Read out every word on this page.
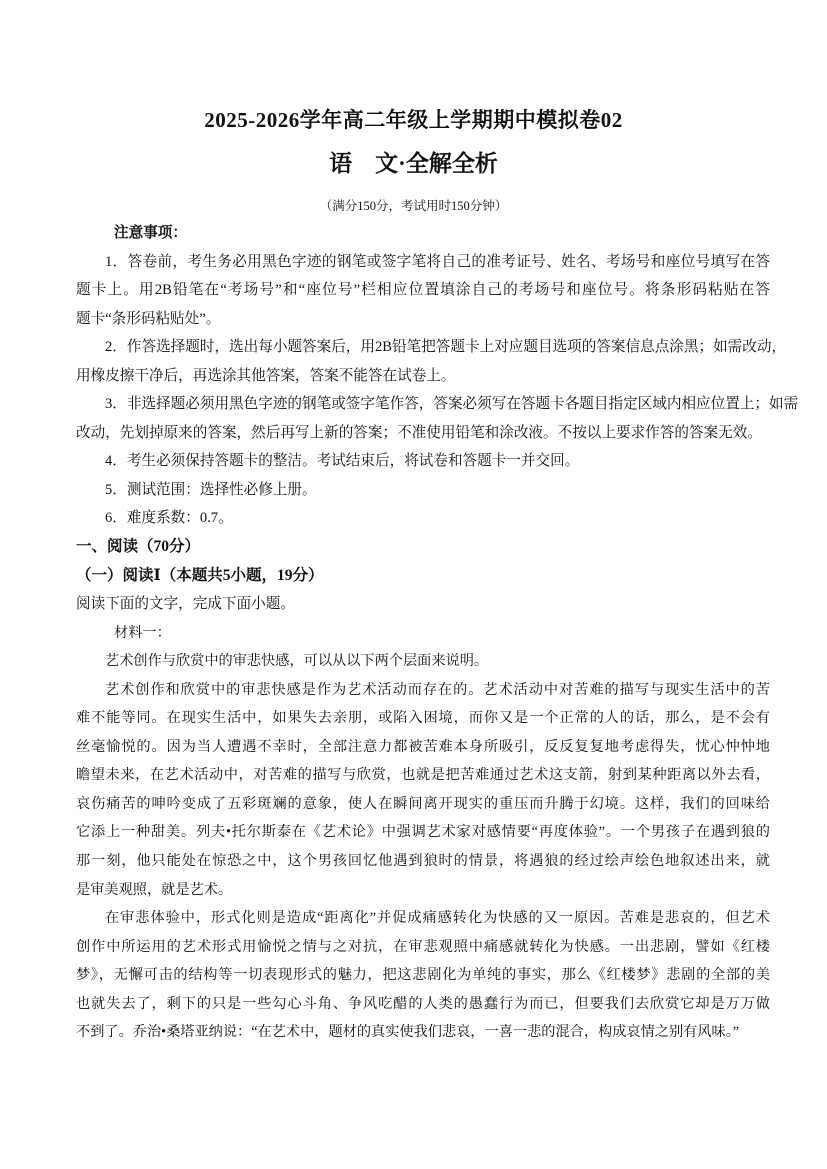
2025-2026学年高二年级上学期期中模拟卷02
语　文·全解全析
（满分150分，考试用时150分钟）
注意事项：
1．答卷前，考生务必用黑色字迹的钢笔或签字笔将自己的准考证号、姓名、考场号和座位号填写在答
题卡上。用2B铅笔在“考场号”和“座位号”栏相应位置填涂自己的考场号和座位号。将条形码粘贴在答
题卡“条形码粘贴处”。
2．作答选择题时，选出每小题答案后，用2B铅笔把答题卡上对应题目选项的答案信息点涂黑；如需改动，
用橡皮擦干净后，再选涂其他答案，答案不能答在试卷上。
3．非选择题必须用黑色字迹的钢笔或签字笔作答，答案必须写在答题卡各题目指定区域内相应位置上；如需
改动，先划掉原来的答案，然后再写上新的答案；不准使用铅笔和涂改液。不按以上要求作答的答案无效。
4．考生必须保持答题卡的整洁。考试结束后，将试卷和答题卡一并交回。
5．测试范围：选择性必修上册。
6．难度系数：0.7。
一、阅读（70分）
（一）阅读Ⅰ（本题共5小题，19分）
阅读下面的文字，完成下面小题。
材料一：
艺术创作与欣赏中的审悲快感，可以从以下两个层面来说明。
艺术创作和欣赏中的审悲快感是作为艺术活动而存在的。艺术活动中对苦难的描写与现实生活中的苦
难不能等同。在现实生活中，如果失去亲朋，或陷入困境，而你又是一个正常的人的话，那么，是不会有
丝毫愉悦的。因为当人遭遇不幸时，全部注意力都被苦难本身所吸引，反反复复地考虑得失，忧心忡忡地
瞻望未来，在艺术活动中，对苦难的描写与欣赏，也就是把苦难通过艺术这支箭，射到某种距离以外去看，
哀伤痛苦的呻吟变成了五彩斑斓的意象，使人在瞬间离开现实的重压而升腾于幻境。这样，我们的回味给
它添上一种甜美。列夫•托尔斯泰在《艺术论》中强调艺术家对感情要“再度体验”。一个男孩子在遇到狼的
那一刻，他只能处在惊恐之中，这个男孩回忆他遇到狼时的情景，将遇狼的经过绘声绘色地叙述出来，就
是审美观照，就是艺术。
在审悲体验中，形式化则是造成“距离化”并促成痛感转化为快感的又一原因。苦难是悲哀的，但艺术
创作中所运用的艺术形式用愉悦之情与之对抗，在审悲观照中痛感就转化为快感。一出悲剧，譬如《红楼
梦》，无懈可击的结构等一切表现形式的魅力，把这悲剧化为单纯的事实，那么《红楼梦》悲剧的全部的美
也就失去了，剩下的只是一些勾心斗角、争风吃醋的人类的愚蠢行为而已，但要我们去欣赏它却是万万做
不到了。乔治•桑塔亚纳说：“在艺术中，题材的真实使我们悲哀，一喜一悲的混合，构成哀情之别有风味。”
